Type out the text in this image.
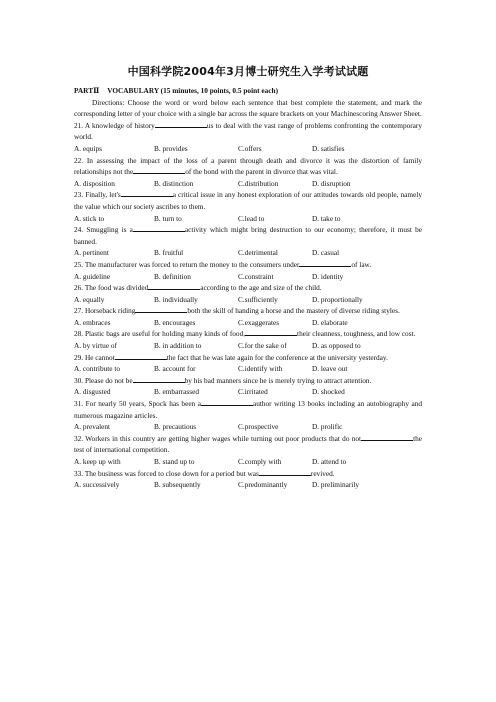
中国科学院2004年3月博士研究生入学考试试题
PARTⅡ VOCABULARY (15 minutes, 10 points, 0.5 point each)

Directions: Choose the word or word below each sentence that best complete the statement, and mark the corresponding letter of your choice with a single bar across the square brackets on your Machinescoring Answer Sheet.

21. A knowledge of history	us to deal with the vast range of problems confronting the contemporary world.

A. equips	B. provides	C.offers	D. satisfies

22. In assessing the impact of the loss of a parent through death and divorce it was the distortion of family relationships not the	of the bond with the parent in divorce that was vital.

A. disposition	B. distinction	C.distribution	D. disruption

23. Finally, let's	a critical issue in any honest exploration of our attitudes towards old people, namely the value which our society ascribes to them.

A. stick to	B. turn to	C.lead to	D. take to

24. Smuggling is a	activity which might bring destruction to our economy; therefore, it must be banned.

A. pertinent	B. fruitful	C.detrimental	D. casual

25. The manufacturer was forced to return the money to the consumers under	of law.

A. guideline	B. definition	C.constraint	D. identity

26. The food was divided	according to the age and size of the child.

A. equally	B. individually	C.sufficiently	D. proportionally

27. Horseback riding	both the skill of handing a horse and the mastery of diverse riding styles.

A. embraces	B. encourages	C.exaggerates	D. elaborate

28. Plastic bags are useful for holding many kinds of food,	their cleanness, toughness, and low cost.

A. by virtue of	B. in addition to	C.for the sake of	D. as opposed to

29. He cannot	the fact that he was late again for the conference at the university yesterday.

A. contribute to	B. account for	C.identify with	D. leave out

30. Please do not be	by his bad manners since he is merely trying to attract attention.

A. disgusted	B. embarrassed	C.irritated	D. shocked

31. For nearly 50 years, Spock has been a	author writing 13 books including an autobiography and numerous magazine articles.

A. prevalent	B. precautious	C.prospective	D. prolific

32. Workers in this country are getting higher wages while turning out poor products that do not	the test of international competition.

A. keep up with	B. stand up to	C.comply with	D. attend to

33. The business was forced to close down for a period but was	revived.

A. successively	B. subsequently	C.predominantly	D. preliminarily
